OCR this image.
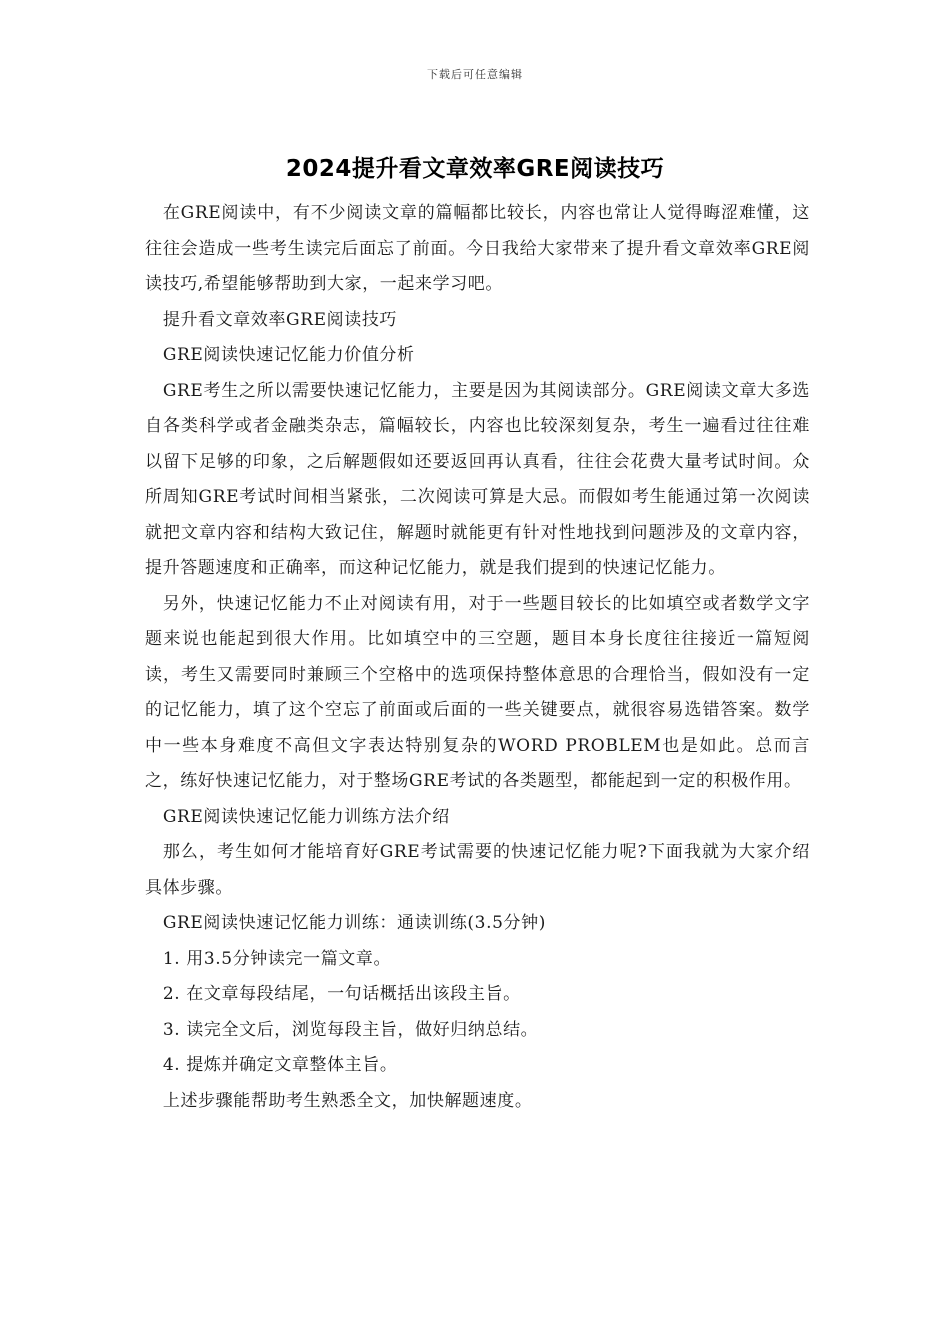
下载后可任意编辑
2024提升看文章效率GRE阅读技巧

在GRE阅读中，有不少阅读文章的篇幅都比较长，内容也常让人觉得晦涩难懂，这往往会造成一些考生读完后面忘了前面。今日我给大家带来了提升看文章效率GRE阅读技巧,希望能够帮助到大家，一起来学习吧。

提升看文章效率GRE阅读技巧

GRE阅读快速记忆能力价值分析

GRE考生之所以需要快速记忆能力，主要是因为其阅读部分。GRE阅读文章大多选自各类科学或者金融类杂志，篇幅较长，内容也比较深刻复杂，考生一遍看过往往难以留下足够的印象，之后解题假如还要返回再认真看，往往会花费大量考试时间。众所周知GRE考试时间相当紧张，二次阅读可算是大忌。而假如考生能通过第一次阅读就把文章内容和结构大致记住，解题时就能更有针对性地找到问题涉及的文章内容，提升答题速度和正确率，而这种记忆能力，就是我们提到的快速记忆能力。

另外，快速记忆能力不止对阅读有用，对于一些题目较长的比如填空或者数学文字题来说也能起到很大作用。比如填空中的三空题，题目本身长度往往接近一篇短阅读，考生又需要同时兼顾三个空格中的选项保持整体意思的合理恰当，假如没有一定的记忆能力，填了这个空忘了前面或后面的一些关键要点，就很容易选错答案。数学中一些本身难度不高但文字表达特别复杂的WORD PROBLEM也是如此。总而言之，练好快速记忆能力，对于整场GRE考试的各类题型，都能起到一定的积极作用。

GRE阅读快速记忆能力训练方法介绍

那么，考生如何才能培育好GRE考试需要的快速记忆能力呢?下面我就为大家介绍具体步骤。

GRE阅读快速记忆能力训练：通读训练(3.5分钟)

1. 用3.5分钟读完一篇文章。

2. 在文章每段结尾，一句话概括出该段主旨。

3. 读完全文后，浏览每段主旨，做好归纳总结。

4. 提炼并确定文章整体主旨。

上述步骤能帮助考生熟悉全文，加快解题速度。
